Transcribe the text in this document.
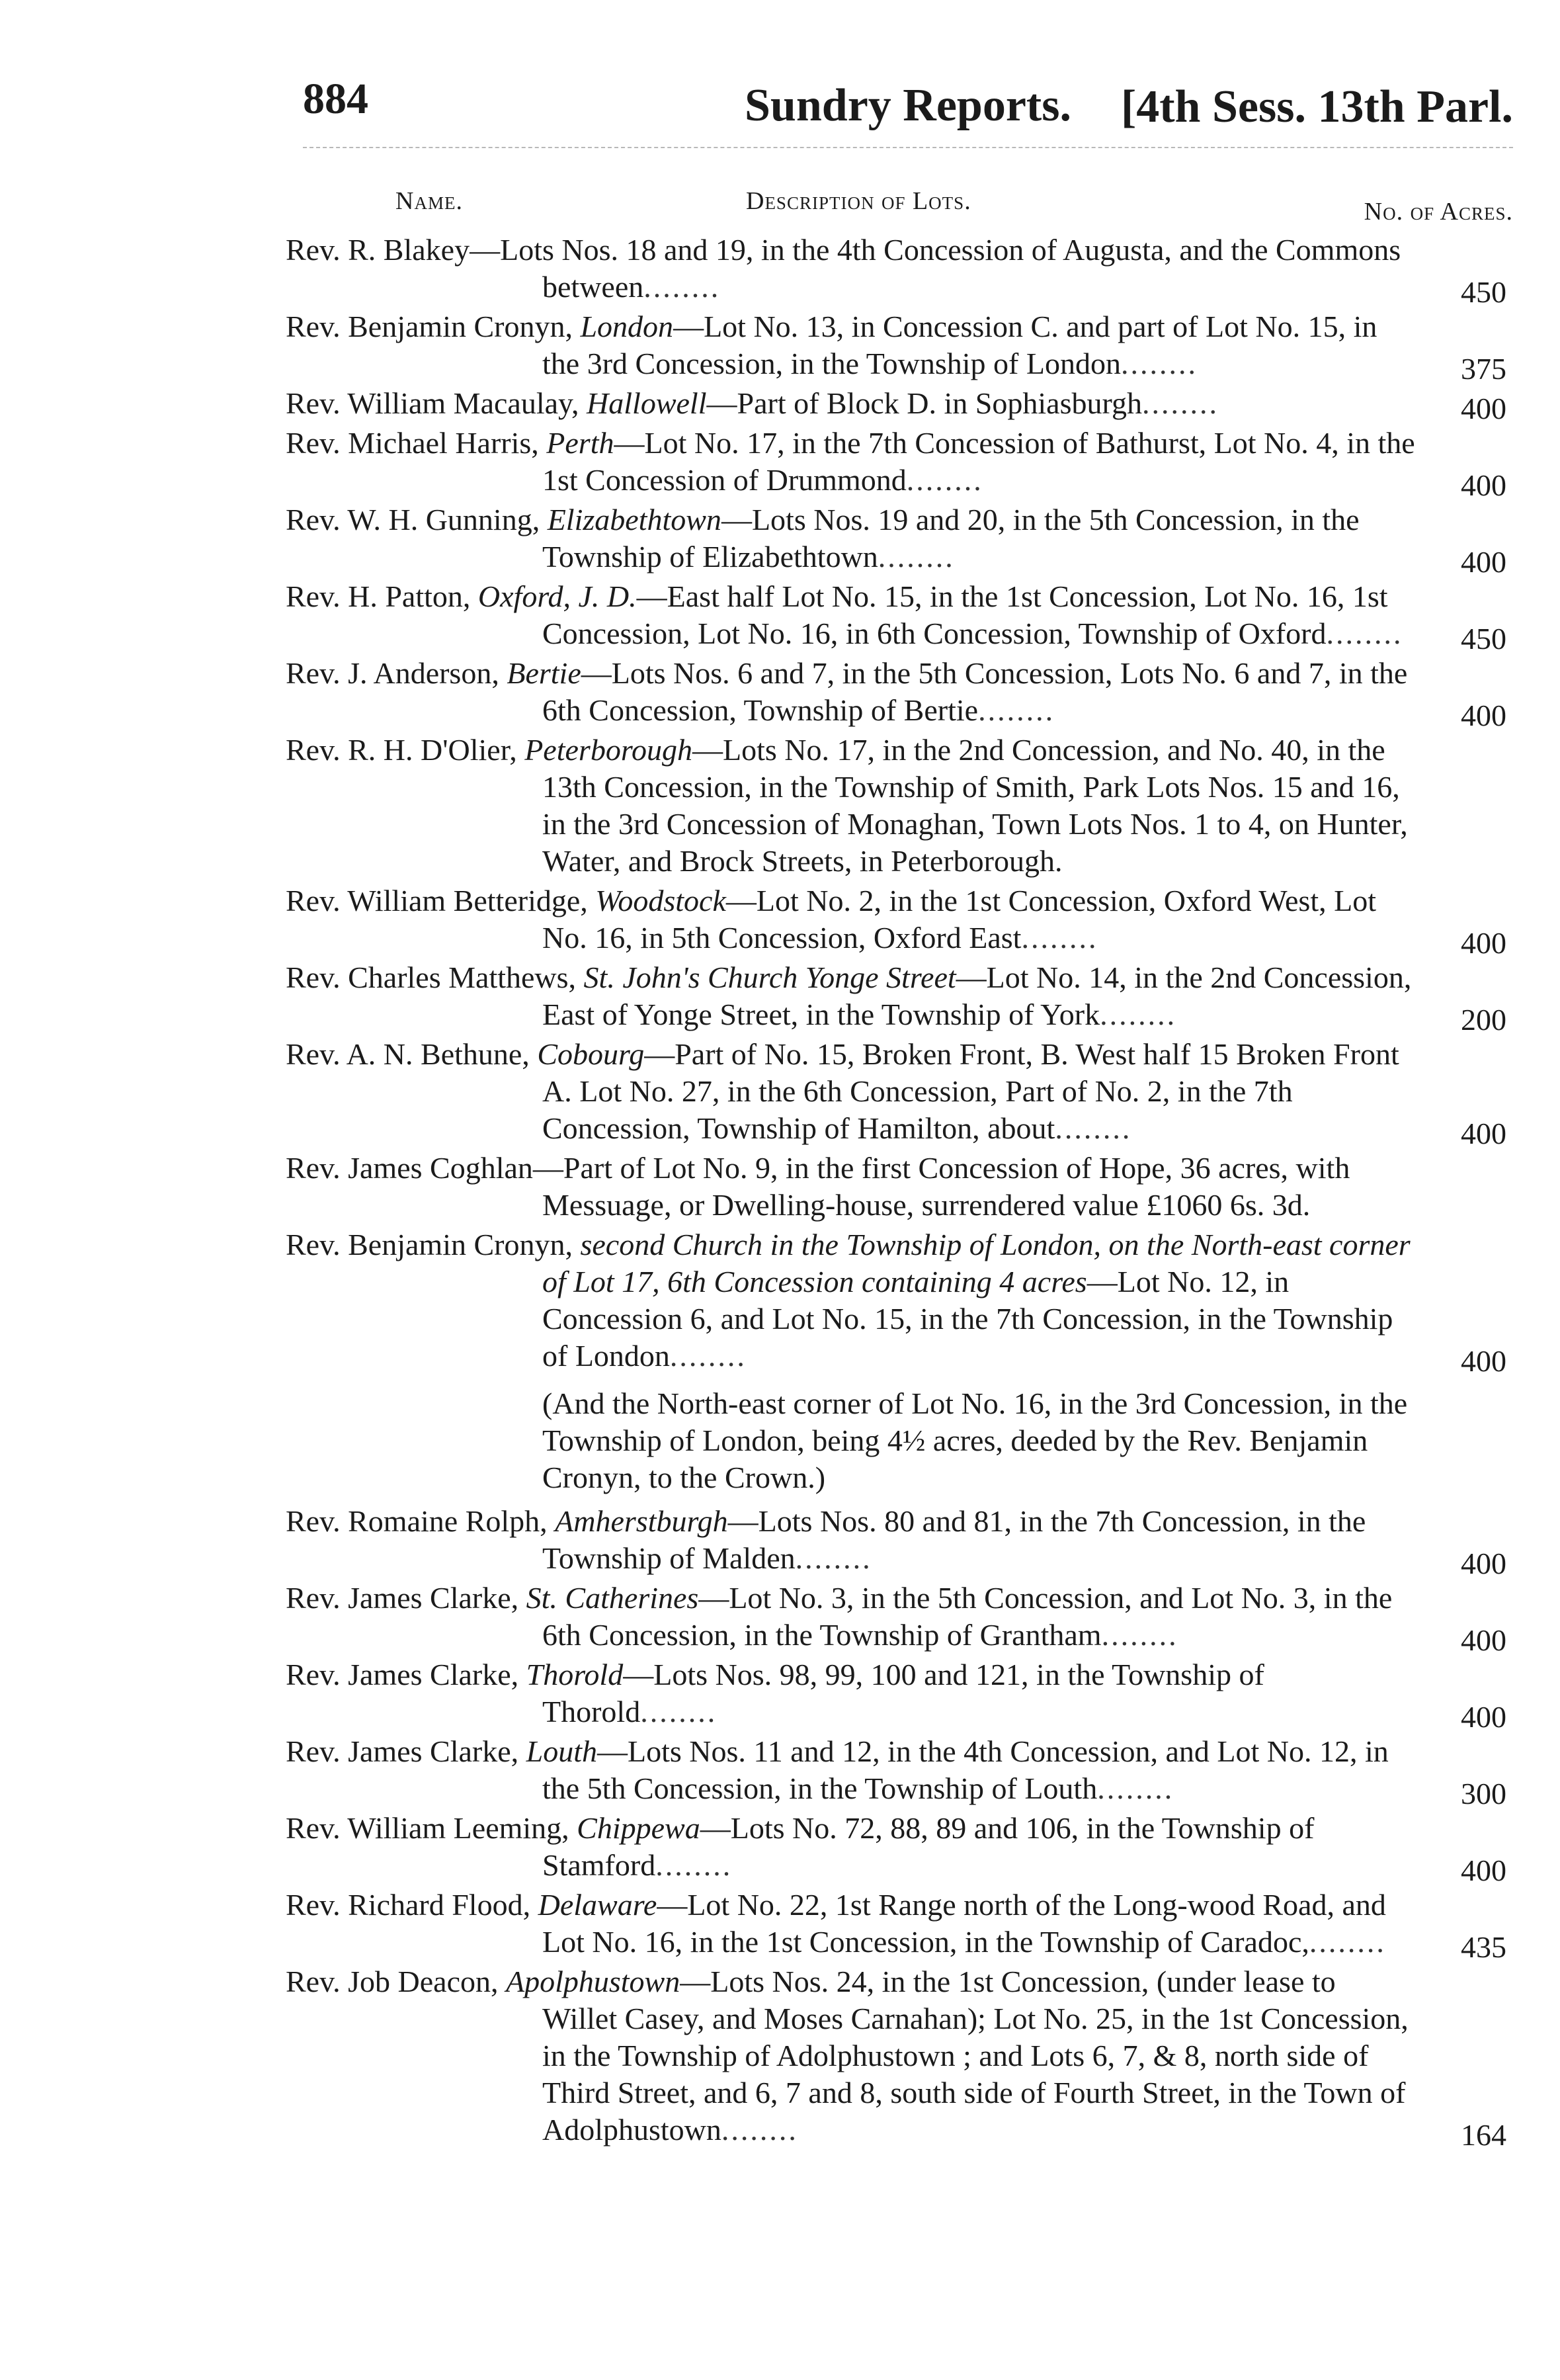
884	Sundry Reports. [4th Sess. 13th Parl.
Name.	Description of Lots.	No. of Acres.
Rev. R. Blakey—Lots Nos. 18 and 19, in the 4th Concession of Augusta, and the Commons between........	450
Rev. Benjamin Cronyn, London—Lot No. 13, in Concession C. and part of Lot No. 15, in the 3rd Concession, in the Township of London........	375
Rev. William Macaulay, Hallowell—Part of Block D. in Sophiasburgh........	400
Rev. Michael Harris, Perth—Lot No. 17, in the 7th Concession of Bathurst, Lot No. 4, in the 1st Concession of Drummond........	400
Rev. W. H. Gunning, Elizabethtown—Lots Nos. 19 and 20, in the 5th Concession, in the Township of Elizabethtown........	400
Rev. H. Patton, Oxford, J. D.—East half Lot No. 15, in the 1st Concession, Lot No. 16, 1st Concession, Lot No. 16, in 6th Concession, Township of Oxford........ 450
Rev. J. Anderson, Bertie—Lots Nos. 6 and 7, in the 5th Concession, Lots No. 6 and 7, in the 6th Concession, Township of Bertie........	400
Rev. R. H. D'Olier, Peterborough—Lots No. 17, in the 2nd Concession, and No. 40, in the 13th Concession, in the Township of Smith, Park Lots Nos. 15 and 16, in the 3rd Concession of Monaghan, Town Lots Nos. 1 to 4, on Hunter, Water, and Brock Streets, in Peterborough.
Rev. William Betteridge, Woodstock—Lot No. 2, in the 1st Concession, Oxford West, Lot No. 16, in 5th Concession, Oxford East........	400
Rev. Charles Matthews, St. John's Church Yonge Street—Lot No. 14, in the 2nd Concession, East of Yonge Street, in the Township of York........	200
Rev. A. N. Bethune, Cobourg—Part of No. 15, Broken Front, B. West half 15 Broken Front A. Lot No. 27, in the 6th Concession, Part of No. 2, in the 7th Concession, Township of Hamilton, about........	400
Rev. James Coghlan—Part of Lot No. 9, in the first Concession of Hope, 36 acres, with Messuage, or Dwelling-house, surrendered value £1060 6s. 3d.
Rev. Benjamin Cronyn, second Church in the Township of London, on the North-east corner of Lot 17, 6th Concession containing 4 acres—Lot No. 12, in Concession 6, and Lot No. 15, in the 7th Concession, in the Township of London........	400
(And the North-east corner of Lot No. 16, in the 3rd Concession, in the Township of London, being 4½ acres, deeded by the Rev. Benjamin Cronyn, to the Crown.)
Rev. Romaine Rolph, Amherstburgh—Lots Nos. 80 and 81, in the 7th Concession, in the Township of Malden........	400
Rev. James Clarke, St. Catherines—Lot No. 3, in the 5th Concession, and Lot No. 3, in the 6th Concession, in the Township of Grantham........	400
Rev. James Clarke, Thorold—Lots Nos. 98, 99, 100 and 121, in the Township of Thorold........	400
Rev. James Clarke, Louth—Lots Nos. 11 and 12, in the 4th Concession, and Lot No. 12, in the 5th Concession, in the Township of Louth........	300
Rev. William Leeming, Chippewa—Lots No. 72, 88, 89 and 106, in the Township of Stamford........	400
Rev. Richard Flood, Delaware—Lot No. 22, 1st Range north of the Long-wood Road, and Lot No. 16, in the 1st Concession, in the Township of Caradoc,........ 435
Rev. Job Deacon, Apolphustown—Lots Nos. 24, in the 1st Concession, (under lease to Willet Casey, and Moses Carnahan); Lot No. 25, in the 1st Concession, in the Township of Adolphustown ; and Lots 6, 7, & 8, north side of Third Street, and 6, 7 and 8, south side of Fourth Street, in the Town of Adolphustown........	164
